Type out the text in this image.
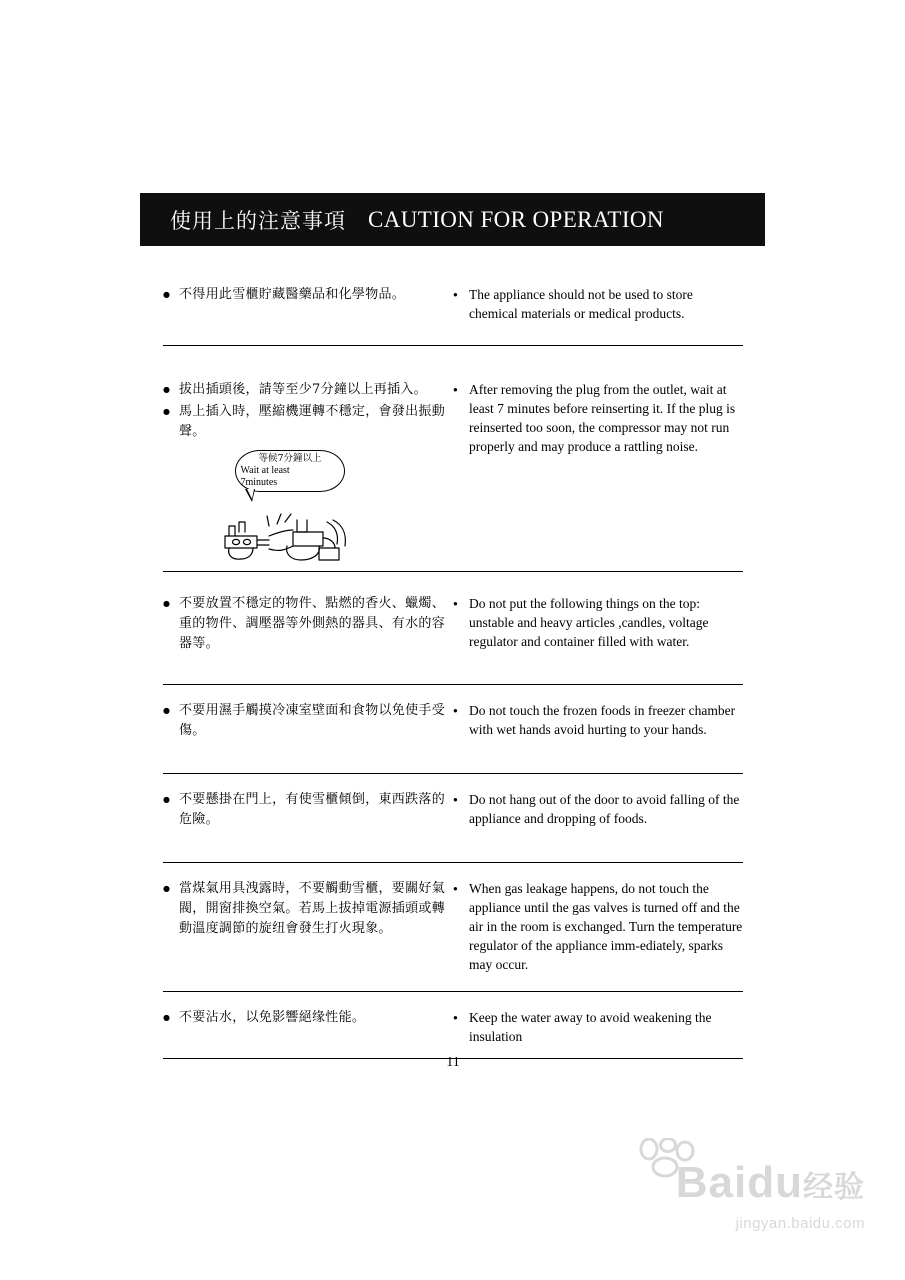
使用上的注意事項 CAUTION FOR OPERATION
● 不得用此雪櫃貯藏醫藥品和化學物品。	● The appliance should not be used to store chemical materials or medical products.
● 拔出插頭後，請等至少7分鐘以上再插入。
● 馬上插入時，壓縮機運轉不穩定，會發出振動聲。
等候7分鐘以上
Wait at least
7minutes
● After removing the plug from the outlet, wait at least 7 minutes before reinserting it. If the plug is reinserted too soon, the compressor may not run properly and may produce a rattling noise.
● 不要放置不穩定的物件、點燃的香火、蠟燭、重的物件、調壓器等外側熱的器具、有水的容器等。
● Do not put the following things on the top: unstable and heavy articles ,candles, voltage regulator and container filled with water.
● 不要用濕手觸摸冷凍室壁面和食物以免使手受傷。
● Do not touch the frozen foods in freezer chamber with wet hands avoid hurting to your hands.
● 不要懸掛在門上，有使雪櫃傾倒，東西跌落的危險。
● Do not hang out of the door to avoid falling of the appliance and dropping of foods.
● 當煤氣用具洩露時，不要觸動雪櫃，要關好氣閥，開窗排換空氣。若馬上拔掉電源插頭或轉動溫度調節的旋纽會發生打火現象。
● When gas leakage happens, do not touch the appliance until the gas valves is turned off and the air in the room is exchanged. Turn the temperature regulator of the appliance imm-ediately, sparks may occur.
● 不要沾水，以免影響絕缘性能。	● Keep the water away to avoid weakening the insulation
11
Baidu经验
jingyan.baidu.com
